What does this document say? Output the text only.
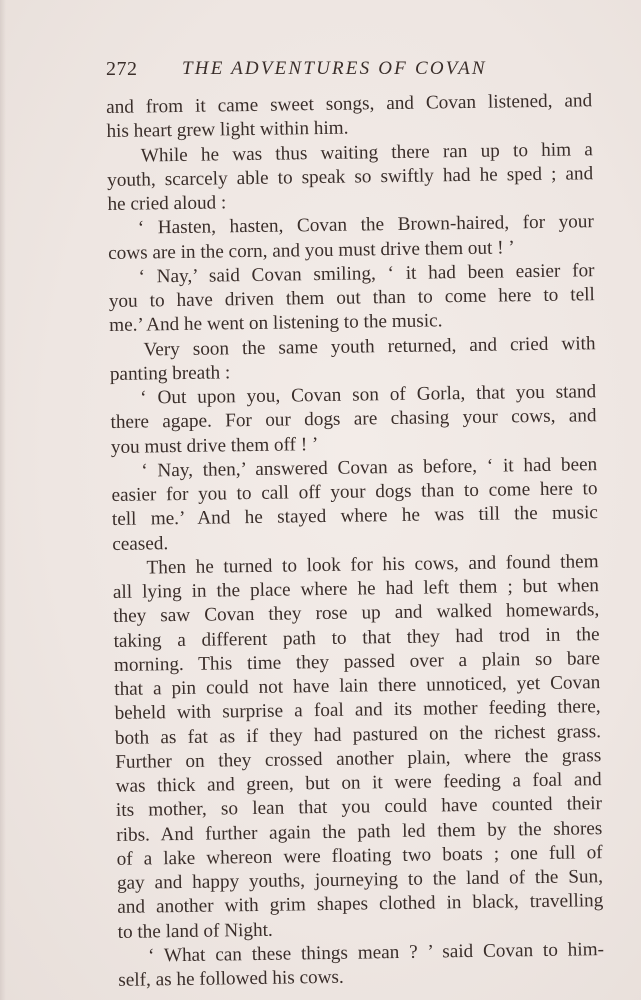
272 THE ADVENTURES OF COVAN
and from it came sweet songs, and Covan listened, and
his heart grew light within him.
While he was thus waiting there ran up to him a
youth, scarcely able to speak so swiftly had he sped ; and
he cried aloud :
‘ Hasten, hasten, Covan the Brown-haired, for your
cows are in the corn, and you must drive them out ! ’
‘ Nay,’ said Covan smiling, ‘ it had been easier for
you to have driven them out than to come here to tell
me.’ And he went on listening to the music.
Very soon the same youth returned, and cried with
panting breath :
‘ Out upon you, Covan son of Gorla, that you stand
there agape. For our dogs are chasing your cows, and
you must drive them off ! ’
‘ Nay, then,’ answered Covan as before, ‘ it had been
easier for you to call off your dogs than to come here to
tell me.’ And he stayed where he was till the music
ceased.
Then he turned to look for his cows, and found them
all lying in the place where he had left them ; but when
they saw Covan they rose up and walked homewards,
taking a different path to that they had trod in the
morning. This time they passed over a plain so bare
that a pin could not have lain there unnoticed, yet Covan
beheld with surprise a foal and its mother feeding there,
both as fat as if they had pastured on the richest grass.
Further on they crossed another plain, where the grass
was thick and green, but on it were feeding a foal and
its mother, so lean that you could have counted their
ribs. And further again the path led them by the shores
of a lake whereon were floating two boats ; one full of
gay and happy youths, journeying to the land of the Sun,
and another with grim shapes clothed in black, travelling
to the land of Night.
‘ What can these things mean ? ’ said Covan to him-
self, as he followed his cows.
